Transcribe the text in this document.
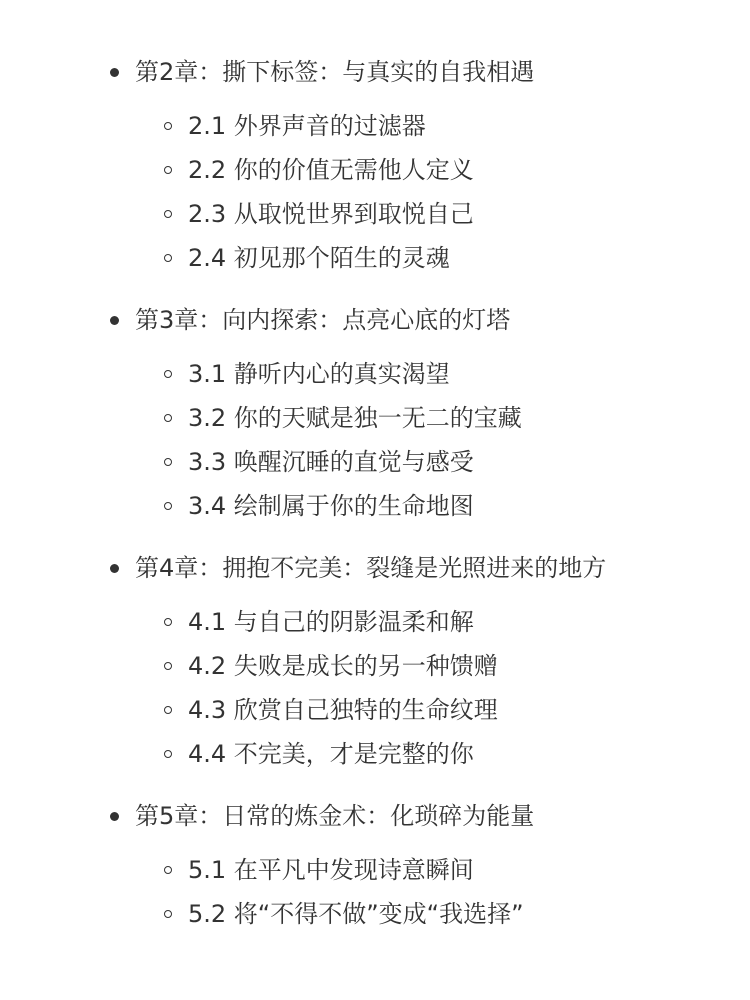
第2章：撕下标签：与真实的自我相遇
2.1 外界声音的过滤器
2.2 你的价值无需他人定义
2.3 从取悦世界到取悦自己
2.4 初见那个陌生的灵魂
第3章：向内探索：点亮心底的灯塔
3.1 静听内心的真实渴望
3.2 你的天赋是独一无二的宝藏
3.3 唤醒沉睡的直觉与感受
3.4 绘制属于你的生命地图
第4章：拥抱不完美：裂缝是光照进来的地方
4.1 与自己的阴影温柔和解
4.2 失败是成长的另一种馈赠
4.3 欣赏自己独特的生命纹理
4.4 不完美，才是完整的你
第5章：日常的炼金术：化琐碎为能量
5.1 在平凡中发现诗意瞬间
5.2 将“不得不做”变成“我选择”
